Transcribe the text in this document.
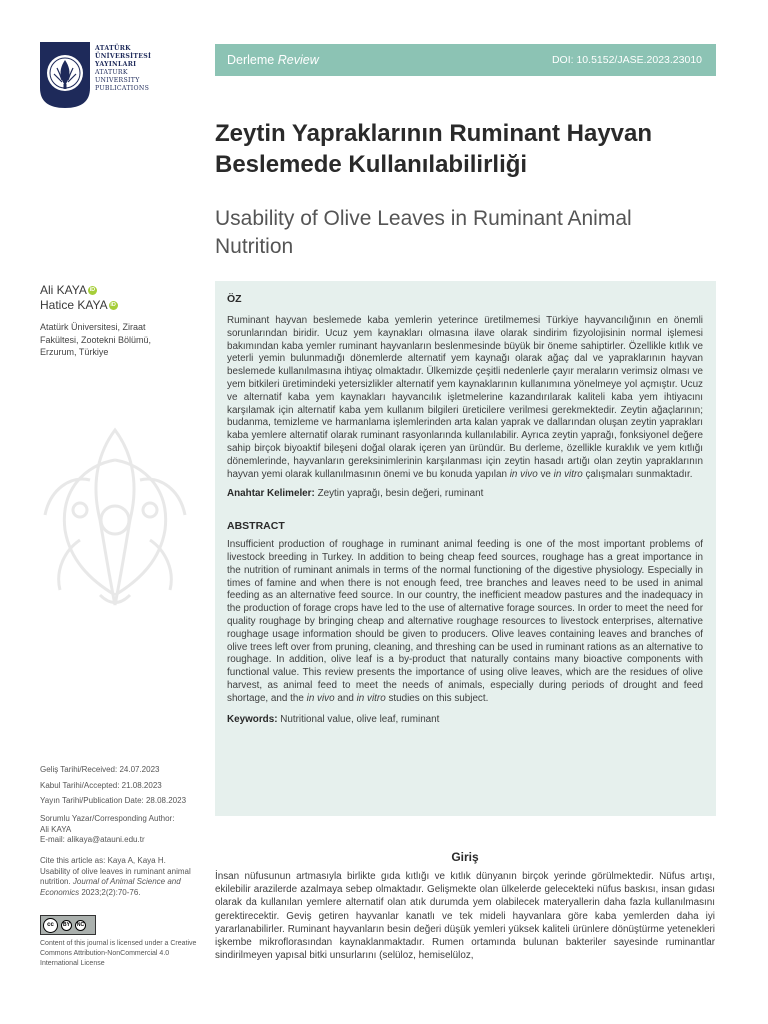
ATATÜRK
ÜNİVERSİTESİ
YAYINLARI
ATATURK
UNIVERSITY
PUBLICATIONS
Derleme Review	DOI: 10.5152/JASE.2023.23010
Zeytin Yapraklarının Ruminant Hayvan Beslemede Kullanılabilirliği
Usability of Olive Leaves in Ruminant Animal Nutrition
Ali KAYA iD
Hatice KAYA iD
Atatürk Üniversitesi, Ziraat Fakültesi, Zootekni Bölümü, Erzurum, Türkiye
Geliş Tarihi/Received: 24.07.2023
Kabul Tarihi/Accepted: 21.08.2023
Yayın Tarihi/Publication Date: 28.08.2023
Sorumlu Yazar/Corresponding Author:
Ali KAYA
E-mail: alikaya@atauni.edu.tr
Cite this article as: Kaya A, Kaya H. Usability of olive leaves in ruminant animal nutrition. Journal of Animal Science and Economics 2023;2(2):70-76.
cc	BY	NC
Content of this journal is licensed under a Creative Commons Attribution-NonCommercial 4.0 International License
ÖZ

Ruminant hayvan beslemede kaba yemlerin yeterince üretilmemesi Türkiye hayvancılığının en önemli sorunlarından biridir. Ucuz yem kaynakları olmasına ilave olarak sindirim fizyolojisinin normal işlemesi bakımından kaba yemler ruminant hayvanların beslenmesinde büyük bir öneme sahiptirler. Özellikle kıtlık ve yeterli yemin bulunmadığı dönemlerde alternatif yem kaynağı olarak ağaç dal ve yapraklarının hayvan beslemede kullanılmasına ihtiyaç olmaktadır. Ülkemizde çeşitli nedenlerle çayır meraların verimsiz olması ve yem bitkileri üretimindeki yetersizlikler alternatif yem kaynaklarının kullanımına yönelmeye yol açmıştır. Ucuz ve alternatif kaba yem kaynakları hayvancılık işletmelerine kazandırılarak kaliteli kaba yem ihtiyacını karşılamak için alternatif kaba yem kullanım bilgileri üreticilere verilmesi gerekmektedir. Zeytin ağaçlarının; budanma, temizleme ve harmanlama işlemlerinden arta kalan yaprak ve dallarından oluşan zeytin yaprakları kaba yemlere alternatif olarak ruminant rasyonlarında kullanılabilir. Ayrıca zeytin yaprağı, fonksiyonel değere sahip birçok biyoaktif bileşeni doğal olarak içeren yan üründür. Bu derleme, özellikle kuraklık ve yem kıtlığı dönemlerinde, hayvanların gereksinimlerinin karşılanması için zeytin hasadı artığı olan zeytin yapraklarının hayvan yemi olarak kullanılmasının önemi ve bu konuda yapılan in vivo ve in vitro çalışmaları sunmaktadır.

Anahtar Kelimeler: Zeytin yaprağı, besin değeri, ruminant

ABSTRACT

Insufficient production of roughage in ruminant animal feeding is one of the most important problems of livestock breeding in Turkey. In addition to being cheap feed sources, roughage has a great importance in the nutrition of ruminant animals in terms of the normal functioning of the digestive physiology. Especially in times of famine and when there is not enough feed, tree branches and leaves need to be used in animal feeding as an alternative feed source. In our country, the inefficient meadow pastures and the inadequacy in the production of forage crops have led to the use of alternative forage sources. In order to meet the need for quality roughage by bringing cheap and alternative roughage resources to livestock enterprises, alternative roughage usage information should be given to producers. Olive leaves containing leaves and branches of olive trees left over from pruning, cleaning, and threshing can be used in ruminant rations as an alternative to roughage. In addition, olive leaf is a by-product that naturally contains many bioactive components with functional value. This review presents the importance of using olive leaves, which are the residues of olive harvest, as animal feed to meet the needs of animals, especially during periods of drought and feed shortage, and the in vivo and in vitro studies on this subject.

Keywords: Nutritional value, olive leaf, ruminant

Giriş

İnsan nüfusunun artmasıyla birlikte gıda kıtlığı ve kıtlık dünyanın birçok yerinde görülmektedir. Nüfus artışı, ekilebilir arazilerde azalmaya sebep olmaktadır. Gelişmekte olan ülkelerde gelecekteki nüfus baskısı, insan gıdası olarak da kullanılan yemlere alternatif olan atık durumda yem olabilecek materyallerin daha fazla kullanılmasını gerektirecektir. Geviş getiren hayvanlar kanatlı ve tek mideli hayvanlara göre kaba yemlerden daha iyi yararlanabilirler. Ruminant hayvanların besin değeri düşük yemleri yüksek kaliteli ürünlere dönüştürme yetenekleri işkembe mikroflorasından kaynaklanmaktadır. Rumen ortamında bulunan bakteriler sayesinde ruminantlar sindirilmeyen yapısal bitki unsurlarını (selüloz, hemiselüloz,
